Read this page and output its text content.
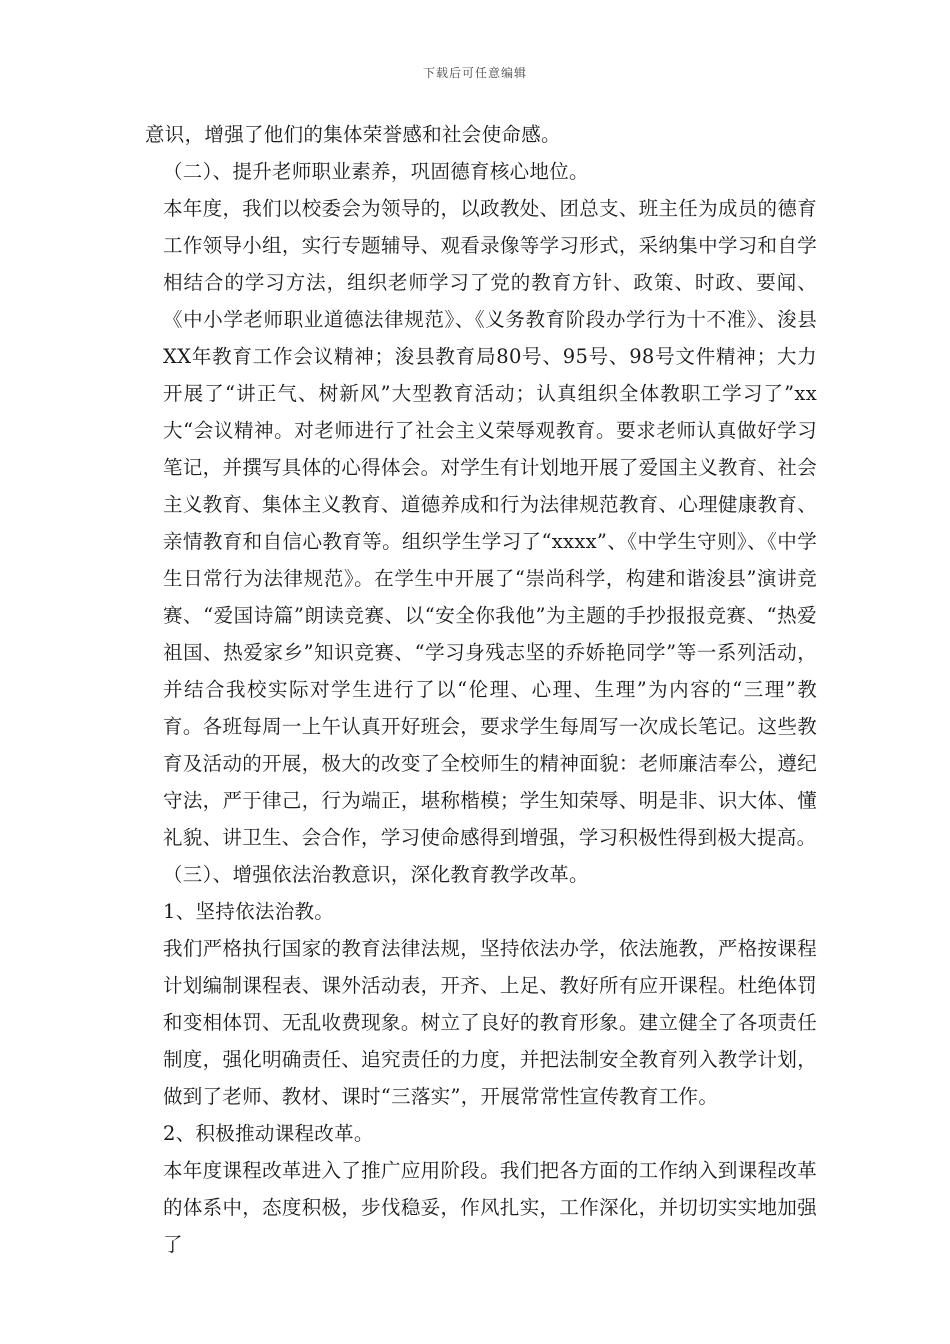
下载后可任意编辑

意识，增强了他们的集体荣誉感和社会使命感。

（二）、提升老师职业素养，巩固德育核心地位。

本年度，我们以校委会为领导的，以政教处、团总支、班主任为成员的德育工作领导小组，实行专题辅导、观看录像等学习形式，采纳集中学习和自学相结合的学习方法，组织老师学习了党的教育方针、政策、时政、要闻、《中小学老师职业道德法律规范》、《义务教育阶段办学行为十不准》、浚县XX年教育工作会议精神；浚县教育局80号、95号、98号文件精神；大力开展了“讲正气、树新风”大型教育活动；认真组织全体教职工学习了”xx大“会议精神。对老师进行了社会主义荣辱观教育。要求老师认真做好学习笔记，并撰写具体的心得体会。对学生有计划地开展了爱国主义教育、社会主义教育、集体主义教育、道德养成和行为法律规范教育、心理健康教育、亲情教育和自信心教育等。组织学生学习了“xxxx”、《中学生守则》、《中学生日常行为法律规范》。在学生中开展了“崇尚科学，构建和谐浚县”演讲竞赛、“爱国诗篇”朗读竞赛、以“安全你我他”为主题的手抄报报竞赛、“热爱祖国、热爱家乡”知识竞赛、“学习身残志坚的乔娇艳同学”等一系列活动，并结合我校实际对学生进行了以“伦理、心理、生理”为内容的“三理”教育。各班每周一上午认真开好班会，要求学生每周写一次成长笔记。这些教育及活动的开展，极大的改变了全校师生的精神面貌：老师廉洁奉公，遵纪守法，严于律己，行为端正，堪称楷模；学生知荣辱、明是非、识大体、懂礼貌、讲卫生、会合作，学习使命感得到增强，学习积极性得到极大提高。

（三）、增强依法治教意识，深化教育教学改革。

1、坚持依法治教。

我们严格执行国家的教育法律法规，坚持依法办学，依法施教，严格按课程计划编制课程表、课外活动表，开齐、上足、教好所有应开课程。杜绝体罚和变相体罚、无乱收费现象。树立了良好的教育形象。建立健全了各项责任制度，强化明确责任、追究责任的力度，并把法制安全教育列入教学计划，做到了老师、教材、课时“三落实”，开展常常性宣传教育工作。

2、积极推动课程改革。

本年度课程改革进入了推广应用阶段。我们把各方面的工作纳入到课程改革的体系中，态度积极，步伐稳妥，作风扎实，工作深化，并切切实实地加强了
